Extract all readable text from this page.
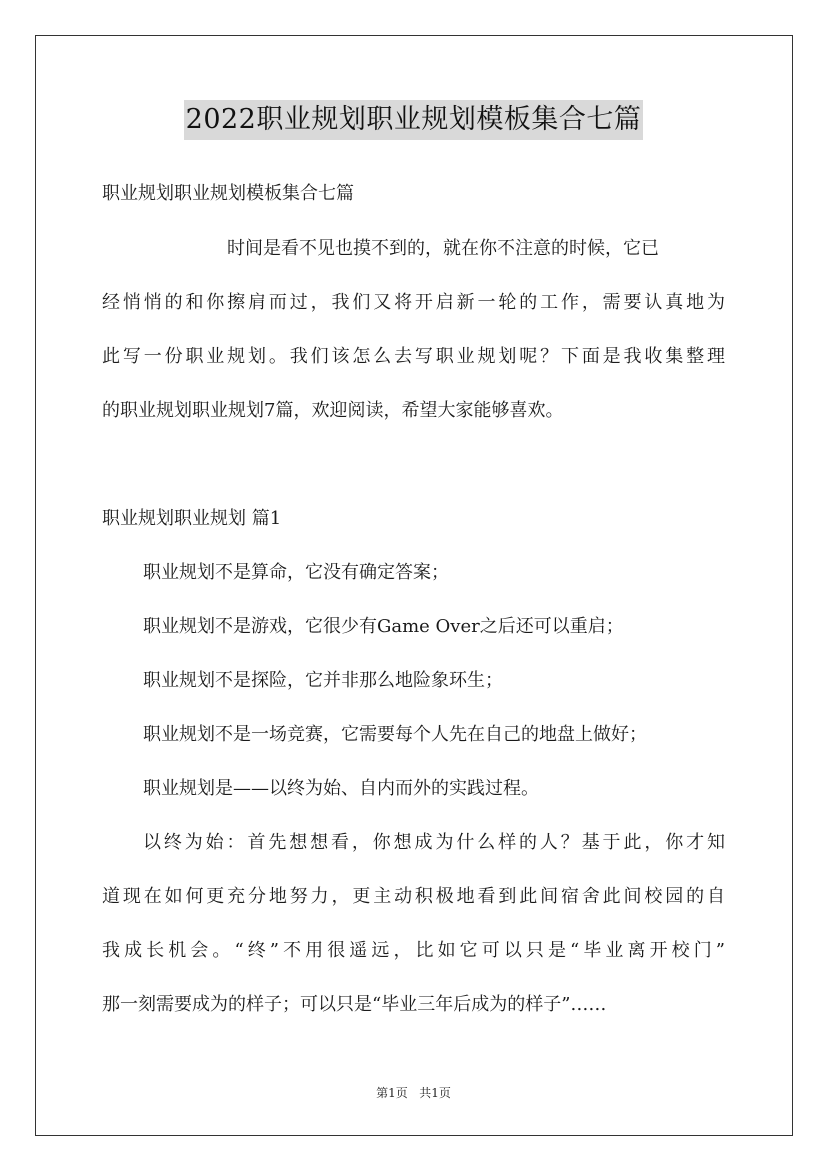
2022职业规划职业规划模板集合七篇
职业规划职业规划模板集合七篇
时间是看不见也摸不到的，就在你不注意的时候，它已
经悄悄的和你擦肩而过，我们又将开启新一轮的工作，需要认真地为
此写一份职业规划。我们该怎么去写职业规划呢？下面是我收集整理
的职业规划职业规划7篇，欢迎阅读，希望大家能够喜欢。
职业规划职业规划 篇1
职业规划不是算命，它没有确定答案；
职业规划不是游戏，它很少有Game Over之后还可以重启；
职业规划不是探险，它并非那么地险象环生；
职业规划不是一场竞赛，它需要每个人先在自己的地盘上做好；
职业规划是——以终为始、自内而外的实践过程。
以终为始：首先想想看，你想成为什么样的人？基于此，你才知
道现在如何更充分地努力，更主动积极地看到此间宿舍此间校园的自
我成长机会。“终”不用很遥远，比如它可以只是“毕业离开校门”
那一刻需要成为的样子；可以只是“毕业三年后成为的样子”……
第1页   共1页
